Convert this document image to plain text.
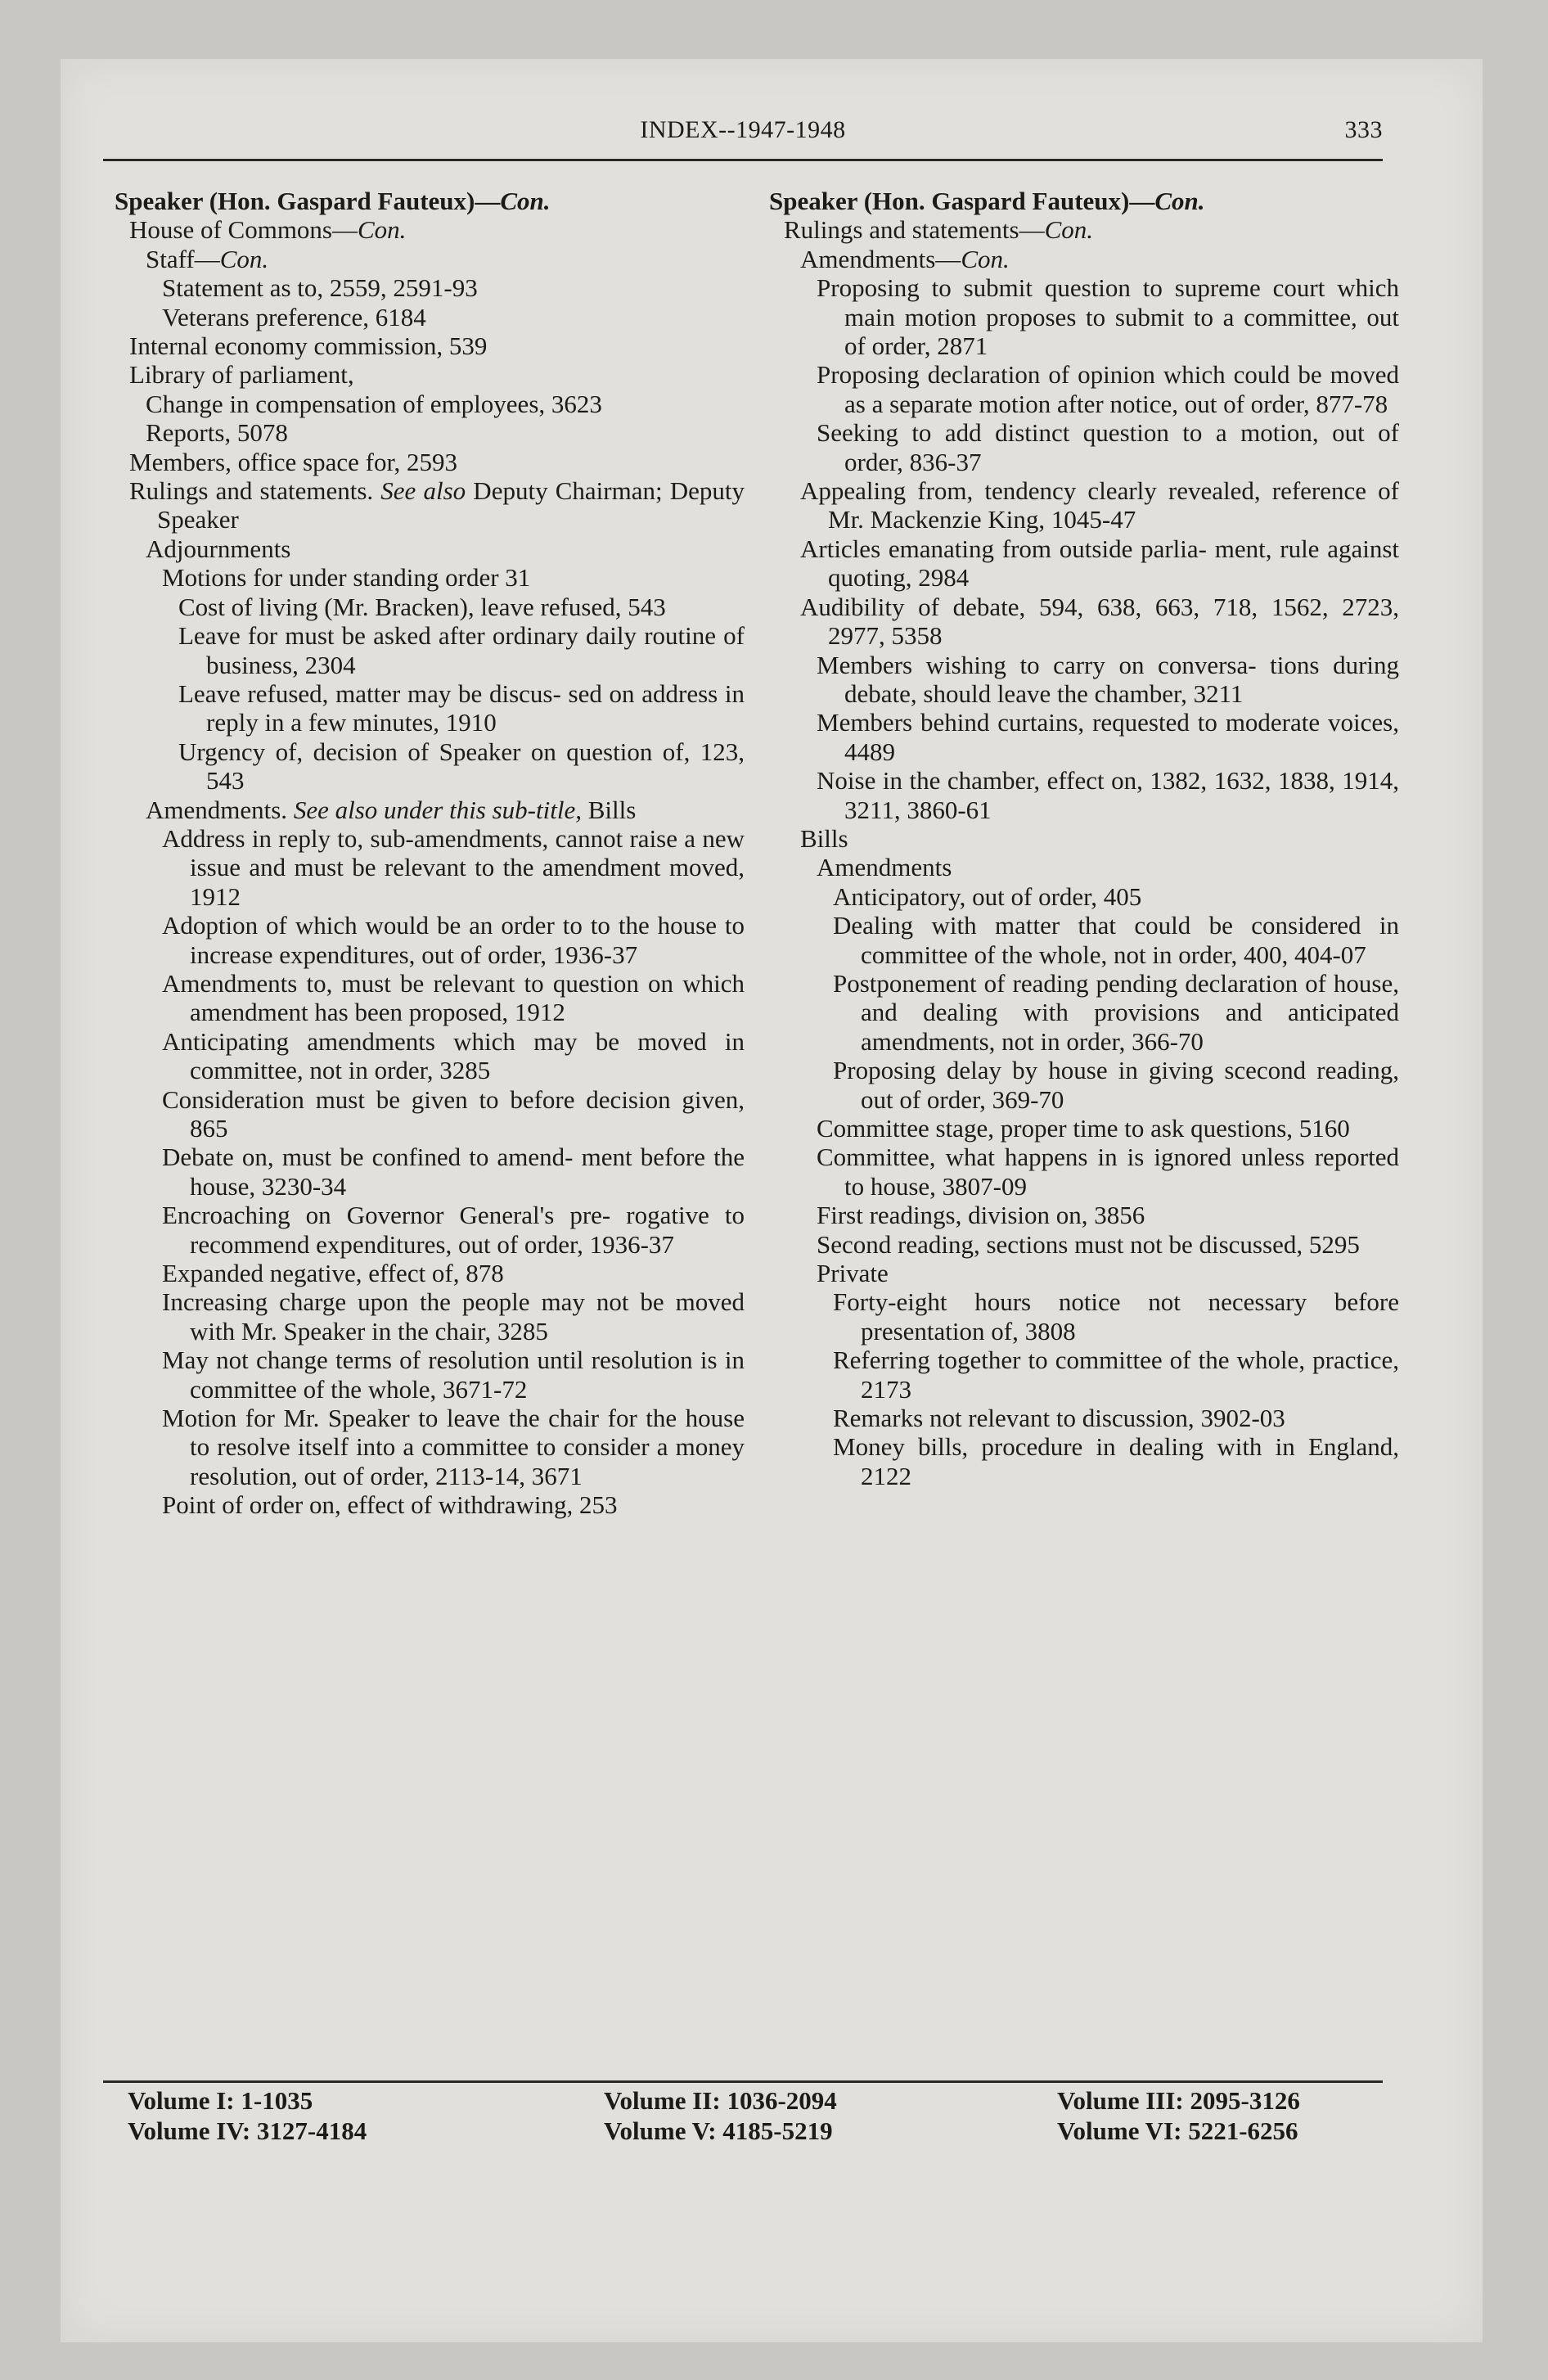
INDEX--1947-1948	333
Speaker (Hon. Gaspard Fauteux)—Con.
House of Commons—Con.
Staff—Con.
Statement as to, 2559, 2591-93
Veterans preference, 6184
Internal economy commission, 539
Library of parliament,
Change in compensation of employees, 3623
Reports, 5078
Members, office space for, 2593
Rulings and statements. See also Deputy Chairman; Deputy Speaker
Adjournments
Motions for under standing order 31
Cost of living (Mr. Bracken), leave refused, 543
Leave for must be asked after ordinary daily routine of business, 2304
Leave refused, matter may be discus- sed on address in reply in a few minutes, 1910
Urgency of, decision of Speaker on question of, 123, 543
Amendments. See also under this sub-title, Bills
Address in reply to, sub-amendments, cannot raise a new issue and must be relevant to the amendment moved, 1912
Adoption of which would be an order to to the house to increase expenditures, out of order, 1936-37
Amendments to, must be relevant to question on which amendment has been proposed, 1912
Anticipating amendments which may be moved in committee, not in order, 3285
Consideration must be given to before decision given, 865
Debate on, must be confined to amend- ment before the house, 3230-34
Encroaching on Governor General's pre- rogative to recommend expenditures, out of order, 1936-37
Expanded negative, effect of, 878
Increasing charge upon the people may not be moved with Mr. Speaker in the chair, 3285
May not change terms of resolution until resolution is in committee of the whole, 3671-72
Motion for Mr. Speaker to leave the chair for the house to resolve itself into a committee to consider a money resolution, out of order, 2113-14, 3671
Point of order on, effect of withdrawing, 253
Speaker (Hon. Gaspard Fauteux)—Con.
Rulings and statements—Con.
Amendments—Con.
Proposing to submit question to supreme court which main motion proposes to submit to a committee, out of order, 2871
Proposing declaration of opinion which could be moved as a separate motion after notice, out of order, 877-78
Seeking to add distinct question to a motion, out of order, 836-37
Appealing from, tendency clearly revealed, reference of Mr. Mackenzie King, 1045-47
Articles emanating from outside parlia- ment, rule against quoting, 2984
Audibility of debate, 594, 638, 663, 718, 1562, 2723, 2977, 5358
Members wishing to carry on conversa- tions during debate, should leave the chamber, 3211
Members behind curtains, requested to moderate voices, 4489
Noise in the chamber, effect on, 1382, 1632, 1838, 1914, 3211, 3860-61
Bills
Amendments
Anticipatory, out of order, 405
Dealing with matter that could be considered in committee of the whole, not in order, 400, 404-07
Postponement of reading pending declaration of house, and dealing with provisions and anticipated amendments, not in order, 366-70
Proposing delay by house in giving scecond reading, out of order, 369-70
Committee stage, proper time to ask questions, 5160
Committee, what happens in is ignored unless reported to house, 3807-09
First readings, division on, 3856
Second reading, sections must not be discussed, 5295
Private
Forty-eight hours notice not necessary before presentation of, 3808
Referring together to committee of the whole, practice, 2173
Remarks not relevant to discussion, 3902-03
Money bills, procedure in dealing with in England, 2122
Volume I: 1-1035	Volume II: 1036-2094	Volume III: 2095-3126
Volume IV: 3127-4184	Volume V: 4185-5219	Volume VI: 5221-6256
